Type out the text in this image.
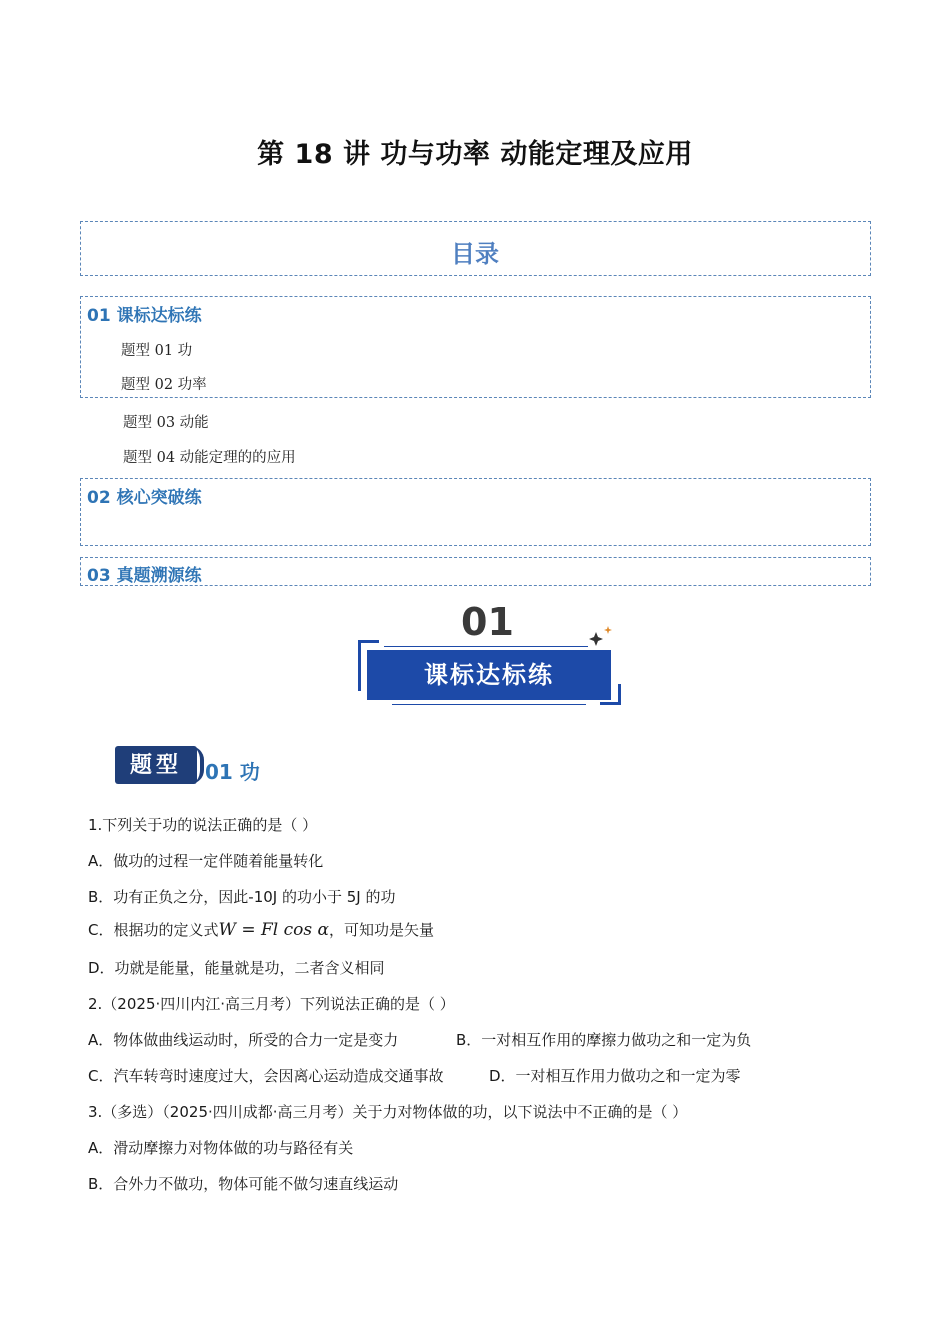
第 18 讲 功与功率 动能定理及应用
目录
01 课标达标练
题型 01 功
题型 02 功率
题型 03 动能
题型 04 动能定理的的应用
02 核心突破练
03 真题溯源练
01
课标达标练
题型	01 功
1.下列关于功的说法正确的是（ ）
A．做功的过程一定伴随着能量转化
B．功有正负之分，因此-10J 的功小于 5J 的功
C．根据功的定义式W = Fl cos α，可知功是矢量
D．功就是能量，能量就是功，二者含义相同
2.（2025·四川内江·高三月考）下列说法正确的是（ ）
A．物体做曲线运动时，所受的合力一定是变力	B．一对相互作用的摩擦力做功之和一定为负
C．汽车转弯时速度过大，会因离心运动造成交通事故	D．一对相互作用力做功之和一定为零
3.（多选）（2025·四川成都·高三月考）关于力对物体做的功，以下说法中不正确的是（ ）
A．滑动摩擦力对物体做的功与路径有关
B．合外力不做功，物体可能不做匀速直线运动
